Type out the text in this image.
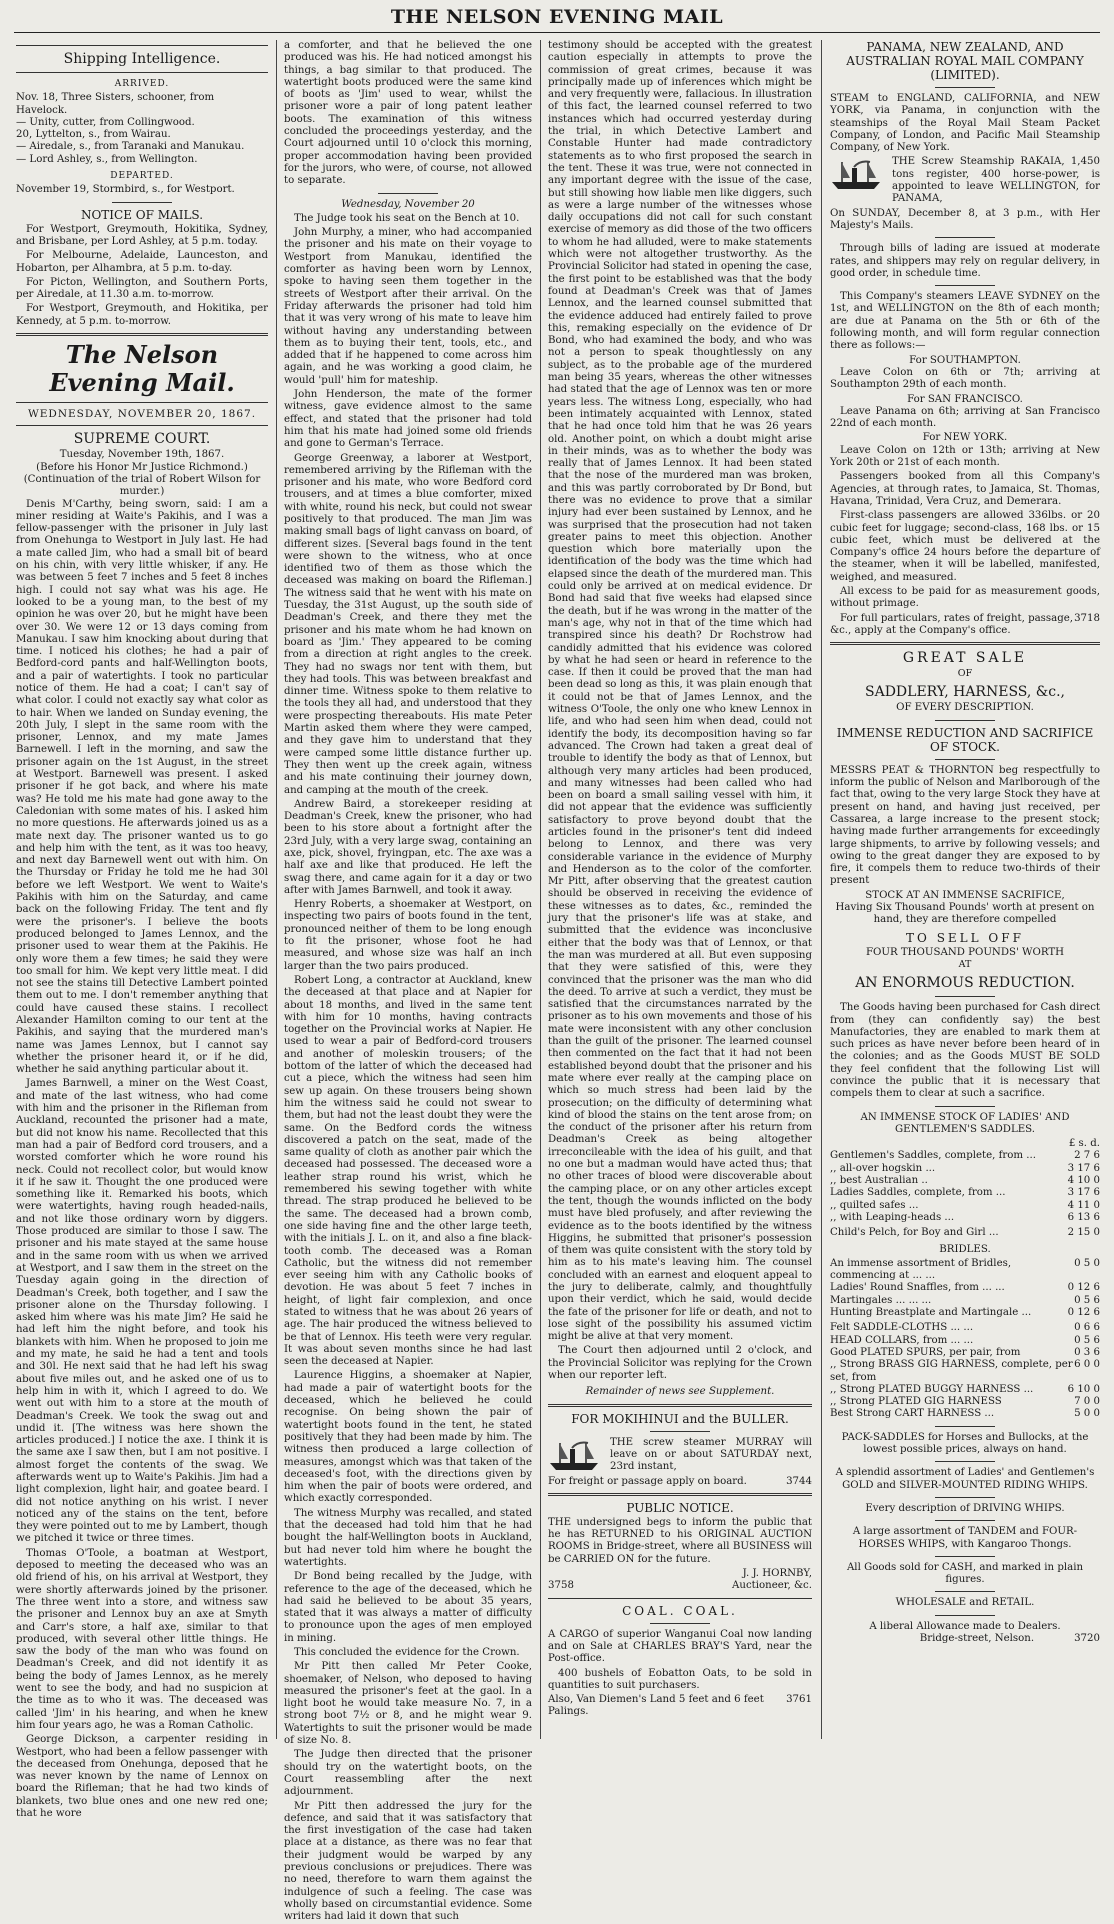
THE NELSON EVENING MAIL
Shipping Intelligence.
ARRIVED.

Nov. 18, Three Sisters, schooner, from Havelock.

— Unity, cutter, from Collingwood.

20, Lyttelton, s., from Wairau.

— Airedale, s., from Taranaki and Manukau.

— Lord Ashley, s., from Wellington.

DEPARTED.

November 19, Stormbird, s., for Westport.

NOTICE OF MAILS.

For Westport, Greymouth, Hokitika, Sydney, and Brisbane, per Lord Ashley, at 5 p.m. today.

For Melbourne, Adelaide, Launceston, and Hobarton, per Alhambra, at 5 p.m. to-day.

For Picton, Wellington, and Southern Ports, per Airedale, at 11.30 a.m. to-morrow.

For Westport, Greymouth, and Hokitika, per Kennedy, at 5 p.m. to-morrow.

The Nelson Evening Mail.
WEDNESDAY, NOVEMBER 20, 1867.
SUPREME COURT.
Tuesday, November 19th, 1867.
(Before his Honor Mr Justice Richmond.)
(Continuation of the trial of Robert Wilson for murder.)

Denis M'Carthy, being sworn, said: I am a miner residing at Waite's Pakihis, and I was a fellow-passenger with the prisoner in July last from Onehunga to Westport in July last. He had a mate called Jim, who had a small bit of beard on his chin, with very little whisker, if any. He was between 5 feet 7 inches and 5 feet 8 inches high. I could not say what was his age. He looked to be a young man, to the best of my opinion he was over 20, but he might have been over 30. We were 12 or 13 days coming from Manukau. I saw him knocking about during that time. I noticed his clothes; he had a pair of Bedford-cord pants and half-Wellington boots, and a pair of watertights. I took no particular notice of them. He had a coat; I can't say of what color. I could not exactly say what color as to hair. When we landed on Sunday evening, the 20th July, I slept in the same room with the prisoner, Lennox, and my mate James Barnewell. I left in the morning, and saw the prisoner again on the 1st August, in the street at Westport. Barnewell was present. I asked prisoner if he got back, and where his mate was? He told me his mate had gone away to the Caledonian with some mates of his. I asked him no more questions. He afterwards joined us as a mate next day. The prisoner wanted us to go and help him with the tent, as it was too heavy, and next day Barnewell went out with him. On the Thursday or Friday he told me he had 30l before we left Westport. We went to Waite's Pakihis with him on the Saturday, and came back on the following Friday. The tent and fly were the prisoner's. I believe the boots produced belonged to James Lennox, and the prisoner used to wear them at the Pakihis. He only wore them a few times; he said they were too small for him. We kept very little meat. I did not see the stains till Detective Lambert pointed them out to me. I don't remember anything that could have caused these stains. I recollect Alexander Hamilton coming to our tent at the Pakihis, and saying that the murdered man's name was James Lennox, but I cannot say whether the prisoner heard it, or if he did, whether he said anything particular about it.

James Barnwell, a miner on the West Coast, and mate of the last witness, who had come with him and the prisoner in the Rifleman from Auckland, recounted the prisoner had a mate, but did not know his name. Recollected that this man had a pair of Bedford cord trousers, and a worsted comforter which he wore round his neck. Could not recollect color, but would know it if he saw it. Thought the one produced were something like it. Remarked his boots, which were watertights, having rough headed-nails, and not like those ordinary worn by diggers. Those produced are similar to those I saw. The prisoner and his mate stayed at the same house and in the same room with us when we arrived at Westport, and I saw them in the street on the Tuesday again going in the direction of Deadman's Creek, both together, and I saw the prisoner alone on the Thursday following. I asked him where was his mate Jim? He said he had left him the night before, and took his blankets with him. When he proposed to join me and my mate, he said he had a tent and tools and 30l. He next said that he had left his swag about five miles out, and he asked one of us to help him in with it, which I agreed to do. We went out with him to a store at the mouth of Deadman's Creek. We took the swag out and undid it. [The witness was here shown the articles produced.] I notice the axe. I think it is the same axe I saw then, but I am not positive. I almost forget the contents of the swag. We afterwards went up to Waite's Pakihis. Jim had a light complexion, light hair, and goatee beard. I did not notice anything on his wrist. I never noticed any of the stains on the tent, before they were pointed out to me by Lambert, though we pitched it twice or three times.

Thomas O'Toole, a boatman at Westport, deposed to meeting the deceased who was an old friend of his, on his arrival at Westport, they were shortly afterwards joined by the prisoner. The three went into a store, and witness saw the prisoner and Lennox buy an axe at Smyth and Carr's store, a half axe, similar to that produced, with several other little things. He saw the body of the man who was found on Deadman's Creek, and did not identify it as being the body of James Lennox, as he merely went to see the body, and had no suspicion at the time as to who it was. The deceased was called 'Jim' in his hearing, and when he knew him four years ago, he was a Roman Catholic.

George Dickson, a carpenter residing in Westport, who had been a fellow passenger with the deceased from Onehunga, deposed that he was never known by the name of Lennox on board the Rifleman; that he had two kinds of blankets, two blue ones and one new red one; that he wore

a comforter, and that he believed the one produced was his. He had noticed amongst his things, a bag similar to that produced. The watertight boots produced were the same kind of boots as 'Jim' used to wear, whilst the prisoner wore a pair of long patent leather boots. The examination of this witness concluded the proceedings yesterday, and the Court adjourned until 10 o'clock this morning, proper accommodation having been provided for the jurors, who were, of course, not allowed to separate.

Wednesday, November 20

The Judge took his seat on the Bench at 10.

John Murphy, a miner, who had accompanied the prisoner and his mate on their voyage to Westport from Manukau, identified the comforter as having been worn by Lennox, spoke to having seen them together in the streets of Westport after their arrival. On the Friday afterwards the prisoner had told him that it was very wrong of his mate to leave him without having any understanding between them as to buying their tent, tools, etc., and added that if he happened to come across him again, and he was working a good claim, he would 'pull' him for mateship.

John Henderson, the mate of the former witness, gave evidence almost to the same effect, and stated that the prisoner had told him that his mate had joined some old friends and gone to German's Terrace.

George Greenway, a laborer at Westport, remembered arriving by the Rifleman with the prisoner and his mate, who wore Bedford cord trousers, and at times a blue comforter, mixed with white, round his neck, but could not swear positively to that produced. The man Jim was making small bags of light canvass on board, of different sizes. [Several bags found in the tent were shown to the witness, who at once identified two of them as those which the deceased was making on board the Rifleman.] The witness said that he went with his mate on Tuesday, the 31st August, up the south side of Deadman's Creek, and there they met the prisoner and his mate whom he had known on board as 'Jim.' They appeared to be coming from a direction at right angles to the creek. They had no swags nor tent with them, but they had tools. This was between breakfast and dinner time. Witness spoke to them relative to the tools they all had, and understood that they were prospecting thereabouts. His mate Peter Martin asked them where they were camped, and they gave him to understand that they were camped some little distance further up. They then went up the creek again, witness and his mate continuing their journey down, and camping at the mouth of the creek.

Andrew Baird, a storekeeper residing at Deadman's Creek, knew the prisoner, who had been to his store about a fortnight after the 23rd July, with a very large swag, containing an axe, pick, shovel, fryingpan, etc. The axe was a half axe and like that produced. He left the swag there, and came again for it a day or two after with James Barnwell, and took it away.

Henry Roberts, a shoemaker at Westport, on inspecting two pairs of boots found in the tent, pronounced neither of them to be long enough to fit the prisoner, whose foot he had measured, and whose size was half an inch larger than the two pairs produced.

Robert Long, a contractor at Auckland, knew the deceased at that place and at Napier for about 18 months, and lived in the same tent with him for 10 months, having contracts together on the Provincial works at Napier. He used to wear a pair of Bedford-cord trousers and another of moleskin trousers; of the bottom of the latter of which the deceased had cut a piece, which the witness had seen him sew up again. On these trousers being shown him the witness said he could not swear to them, but had not the least doubt they were the same. On the Bedford cords the witness discovered a patch on the seat, made of the same quality of cloth as another pair which the deceased had possessed. The deceased wore a leather strap round his wrist, which he remembered his sewing together with white thread. The strap produced he believed to be the same. The deceased had a brown comb, one side having fine and the other large teeth, with the initials J. L. on it, and also a fine black-tooth comb. The deceased was a Roman Catholic, but the witness did not remember ever seeing him with any Catholic books of devotion. He was about 5 feet 7 inches in height, of light fair complexion, and once stated to witness that he was about 26 years of age. The hair produced the witness believed to be that of Lennox. His teeth were very regular. It was about seven months since he had last seen the deceased at Napier.

Laurence Higgins, a shoemaker at Napier, had made a pair of watertight boots for the deceased, which he believed he could recognise. On being shown the pair of watertight boots found in the tent, he stated positively that they had been made by him. The witness then produced a large collection of measures, amongst which was that taken of the deceased's foot, with the directions given by him when the pair of boots were ordered, and which exactly corresponded.

The witness Murphy was recalled, and stated that the deceased had told him that he had bought the half-Wellington boots in Auckland, but had never told him where he bought the watertights.

Dr Bond being recalled by the Judge, with reference to the age of the deceased, which he had said he believed to be about 35 years, stated that it was always a matter of difficulty to pronounce upon the ages of men employed in mining.

This concluded the evidence for the Crown.

Mr Pitt then called Mr Peter Cooke, shoemaker, of Nelson, who deposed to having measured the prisoner's feet at the gaol. In a light boot he would take measure No. 7, in a strong boot 7½ or 8, and he might wear 9. Watertights to suit the prisoner would be made of size No. 8.

The Judge then directed that the prisoner should try on the watertight boots, on the Court reassembling after the next adjournment.

Mr Pitt then addressed the jury for the defence, and said that it was satisfactory that the first investigation of the case had taken place at a distance, as there was no fear that their judgment would be warped by any previous conclusions or prejudices. There was no need, therefore to warn them against the indulgence of such a feeling. The case was wholly based on circumstantial evidence. Some writers had laid it down that such

testimony should be accepted with the greatest caution especially in attempts to prove the commission of great crimes, because it was principally made up of inferences which might be and very frequently were, fallacious. In illustration of this fact, the learned counsel referred to two instances which had occurred yesterday during the trial, in which Detective Lambert and Constable Hunter had made contradictory statements as to who first proposed the search in the tent. These it was true, were not connected in any important degree with the issue of the case, but still showing how liable men like diggers, such as were a large number of the witnesses whose daily occupations did not call for such constant exercise of memory as did those of the two officers to whom he had alluded, were to make statements which were not altogether trustworthy. As the Provincial Solicitor had stated in opening the case, the first point to be established was that the body found at Deadman's Creek was that of James Lennox, and the learned counsel submitted that the evidence adduced had entirely failed to prove this, remaking especially on the evidence of Dr Bond, who had examined the body, and who was not a person to speak thoughtlessly on any subject, as to the probable age of the murdered man being 35 years, whereas the other witnesses had stated that the age of Lennox was ten or more years less. The witness Long, especially, who had been intimately acquainted with Lennox, stated that he had once told him that he was 26 years old. Another point, on which a doubt might arise in their minds, was as to whether the body was really that of James Lennox. It had been stated that the nose of the murdered man was broken, and this was partly corroborated by Dr Bond, but there was no evidence to prove that a similar injury had ever been sustained by Lennox, and he was surprised that the prosecution had not taken greater pains to meet this objection. Another question which bore materially upon the identification of the body was the time which had elapsed since the death of the murdered man. This could only be arrived at on medical evidence. Dr Bond had said that five weeks had elapsed since the death, but if he was wrong in the matter of the man's age, why not in that of the time which had transpired since his death? Dr Rochstrow had candidly admitted that his evidence was colored by what he had seen or heard in reference to the case. If then it could be proved that the man had been dead so long as this, it was plain enough that it could not be that of James Lennox, and the witness O'Toole, the only one who knew Lennox in life, and who had seen him when dead, could not identify the body, its decomposition having so far advanced. The Crown had taken a great deal of trouble to identify the body as that of Lennox, but although very many articles had been produced, and many witnesses had been called who had been on board a small sailing vessel with him, it did not appear that the evidence was sufficiently satisfactory to prove beyond doubt that the articles found in the prisoner's tent did indeed belong to Lennox, and there was very considerable variance in the evidence of Murphy and Henderson as to the color of the comforter. Mr Pitt, after observing that the greatest caution should be observed in receiving the evidence of these witnesses as to dates, &c., reminded the jury that the prisoner's life was at stake, and submitted that the evidence was inconclusive either that the body was that of Lennox, or that the man was murdered at all. But even supposing that they were satisfied of this, were they convinced that the prisoner was the man who did the deed. To arrive at such a verdict, they must be satisfied that the circumstances narrated by the prisoner as to his own movements and those of his mate were inconsistent with any other conclusion than the guilt of the prisoner. The learned counsel then commented on the fact that it had not been established beyond doubt that the prisoner and his mate where ever really at the camping place on which so much stress had been laid by the prosecution; on the difficulty of determining what kind of blood the stains on the tent arose from; on the conduct of the prisoner after his return from Deadman's Creek as being altogether irreconcileable with the idea of his guilt, and that no one but a madman would have acted thus; that no other traces of blood were discoverable about the camping place, or on any other articles except the tent, though the wounds inflicted on the body must have bled profusely, and after reviewing the evidence as to the boots identified by the witness Higgins, he submitted that prisoner's possession of them was quite consistent with the story told by him as to his mate's leaving him. The counsel concluded with an earnest and eloquent appeal to the jury to deliberate, calmly, and thoughtfully upon their verdict, which he said, would decide the fate of the prisoner for life or death, and not to lose sight of the possibility his assumed victim might be alive at that very moment.

The Court then adjourned until 2 o'clock, and the Provincial Solicitor was replying for the Crown when our reporter left.

Remainder of news see Supplement.
FOR MOKIHINUI and the BULLER.

THE screw steamer MURRAY will leave on or about SATURDAY next, 23rd instant,

For freight or passage apply on board.	3744
PUBLIC NOTICE.

THE undersigned begs to inform the public that he has RETURNED to his ORIGINAL AUCTION ROOMS in Bridge-street, where all BUSINESS will be CARRIED ON for the future.

J. J. HORNBY,
3758	Auctioneer, &c.
COAL. COAL.

A CARGO of superior Wanganui Coal now landing and on Sale at CHARLES BRAY'S Yard, near the Post-office.

400 bushels of Eobatton Oats, to be sold in quantities to suit purchasers.

Also, Van Diemen's Land 5 feet and 6 feet Palings.
3761
PANAMA, NEW ZEALAND, AND AUSTRALIAN ROYAL MAIL COMPANY (LIMITED).

STEAM to ENGLAND, CALIFORNIA, and NEW YORK, via Panama, in conjunction with the steamships of the Royal Mail Steam Packet Company, of London, and Pacific Mail Steamship Company, of New York.

THE Screw Steamship RAKAIA, 1,450 tons register, 400 horse-power, is appointed to leave WELLINGTON, for PANAMA,

On SUNDAY, December 8, at 3 p.m., with Her Majesty's Mails.

Through bills of lading are issued at moderate rates, and shippers may rely on regular delivery, in good order, in schedule time.

This Company's steamers LEAVE SYDNEY on the 1st, and WELLINGTON on the 8th of each month; are due at Panama on the 5th or 6th of the following month, and will form regular connection there as follows:—

For SOUTHAMPTON.

Leave Colon on 6th or 7th; arriving at Southampton 29th of each month.

For SAN FRANCISCO.

Leave Panama on 6th; arriving at San Francisco 22nd of each month.

For NEW YORK.

Leave Colon on 12th or 13th; arriving at New York 20th or 21st of each month.

Passengers booked from all this Company's Agencies, at through rates, to Jamaica, St. Thomas, Havana, Trinidad, Vera Cruz, and Demerara.

First-class passengers are allowed 336lbs. or 20 cubic feet for luggage; second-class, 168 lbs. or 15 cubic feet, which must be delivered at the Company's office 24 hours before the departure of the steamer, when it will be labelled, manifested, weighed, and measured.

All excess to be paid for as measurement goods, without primage.

For full particulars, rates of freight, passage, &c., apply at the Company's office.
3718
GREAT SALE
OF
SADDLERY, HARNESS, &c.,
OF EVERY DESCRIPTION.
IMMENSE REDUCTION AND SACRIFICE OF STOCK.

MESSRS PEAT & THORNTON beg respectfully to inform the public of Nelson and Marlborough of the fact that, owing to the very large Stock they have at present on hand, and having just received, per Cassarea, a large increase to the present stock; having made further arrangements for exceedingly large shipments, to arrive by following vessels; and owing to the great danger they are exposed to by fire, it compels them to reduce two-thirds of their present

STOCK AT AN IMMENSE SACRIFICE,
Having Six Thousand Pounds' worth at present on hand, they are therefore compelled
TO SELL OFF
FOUR THOUSAND POUNDS' WORTH
AT
AN ENORMOUS REDUCTION.

The Goods having been purchased for Cash direct from (they can confidently say) the best Manufactories, they are enabled to mark them at such prices as have never before been heard of in the colonies; and as the Goods MUST BE SOLD they feel confident that the following List will convince the public that it is necessary that compels them to clear at such a sacrifice.

AN IMMENSE STOCK OF LADIES' AND GENTLEMEN'S SADDLES.
£ s. d.
Gentlemen's Saddles, complete, from ...	2 7 6
,, all-over hogskin ...	3 17 6
,, best Australian ..	4 10 0
Ladies Saddles, complete, from ...	3 17 6
,, quilted safes ...	4 11 0
,, with Leaping-heads ...	6 13 6
Child's Pelch, for Boy and Girl ...	2 15 0
BRIDLES.
An immense assortment of Bridles, commencing at ... ...
0 5 0
Ladies' Round Snaffles, from ... ...	0 12 6
Martingales ... ... ...	0 5 6
Hunting Breastplate and Martingale ...	0 12 6
Felt SADDLE-CLOTHS ... ...	0 6 6
HEAD COLLARS, from ... ...	0 5 6
Good PLATED SPURS, per pair, from	0 3 6
,, Strong BRASS GIG HARNESS, complete, per set, from
6 0 0
,, Strong PLATED BUGGY HARNESS ...	6 10 0
,, Strong PLATED GIG HARNESS	7 0 0
Best Strong CART HARNESS ...	5 0 0
PACK-SADDLES for Horses and Bullocks, at the lowest possible prices, always on hand.
A splendid assortment of Ladies' and Gentlemen's GOLD and SILVER-MOUNTED RIDING WHIPS.
Every description of DRIVING WHIPS.
A large assortment of TANDEM and FOUR-HORSES WHIPS, with Kangaroo Thongs.
All Goods sold for CASH, and marked in plain figures.
WHOLESALE and RETAIL.
A liberal Allowance made to Dealers.
Bridge-street, Nelson.	3720
